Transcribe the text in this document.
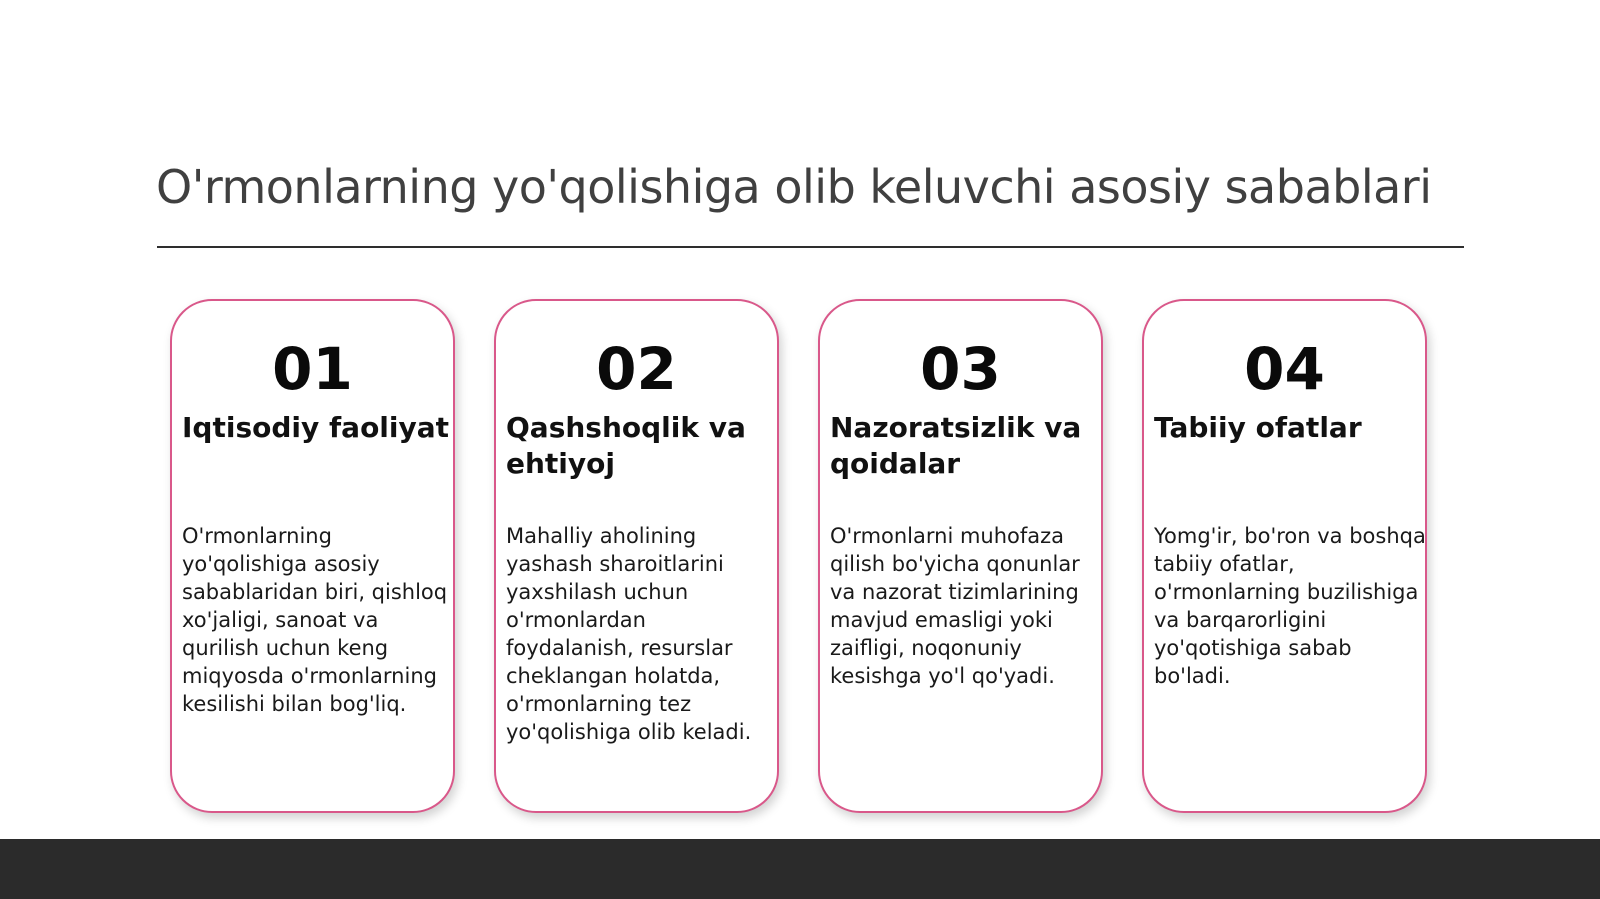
O'rmonlarning yo'qolishiga olib keluvchi asosiy sabablari
01
Iqtisodiy faoliyat
O'rmonlarning yo'qolishiga asosiy sabablaridan biri, qishloq xo'jaligi, sanoat va qurilish uchun keng miqyosda o'rmonlarning kesilishi bilan bog'liq.
02
Qashshoqlik va ehtiyoj
Mahalliy aholining yashash sharoitlarini yaxshilash uchun o'rmonlardan foydalanish, resurslar cheklangan holatda, o'rmonlarning tez yo'qolishiga olib keladi.
03
Nazoratsizlik va qoidalar
O'rmonlarni muhofaza qilish bo'yicha qonunlar va nazorat tizimlarining mavjud emasligi yoki zaifligi, noqonuniy kesishga yo'l qo'yadi.
04
Tabiiy ofatlar
Yomg'ir, bo'ron va boshqa tabiiy ofatlar, o'rmonlarning buzilishiga va barqarorligini yo'qotishiga sabab bo'ladi.
